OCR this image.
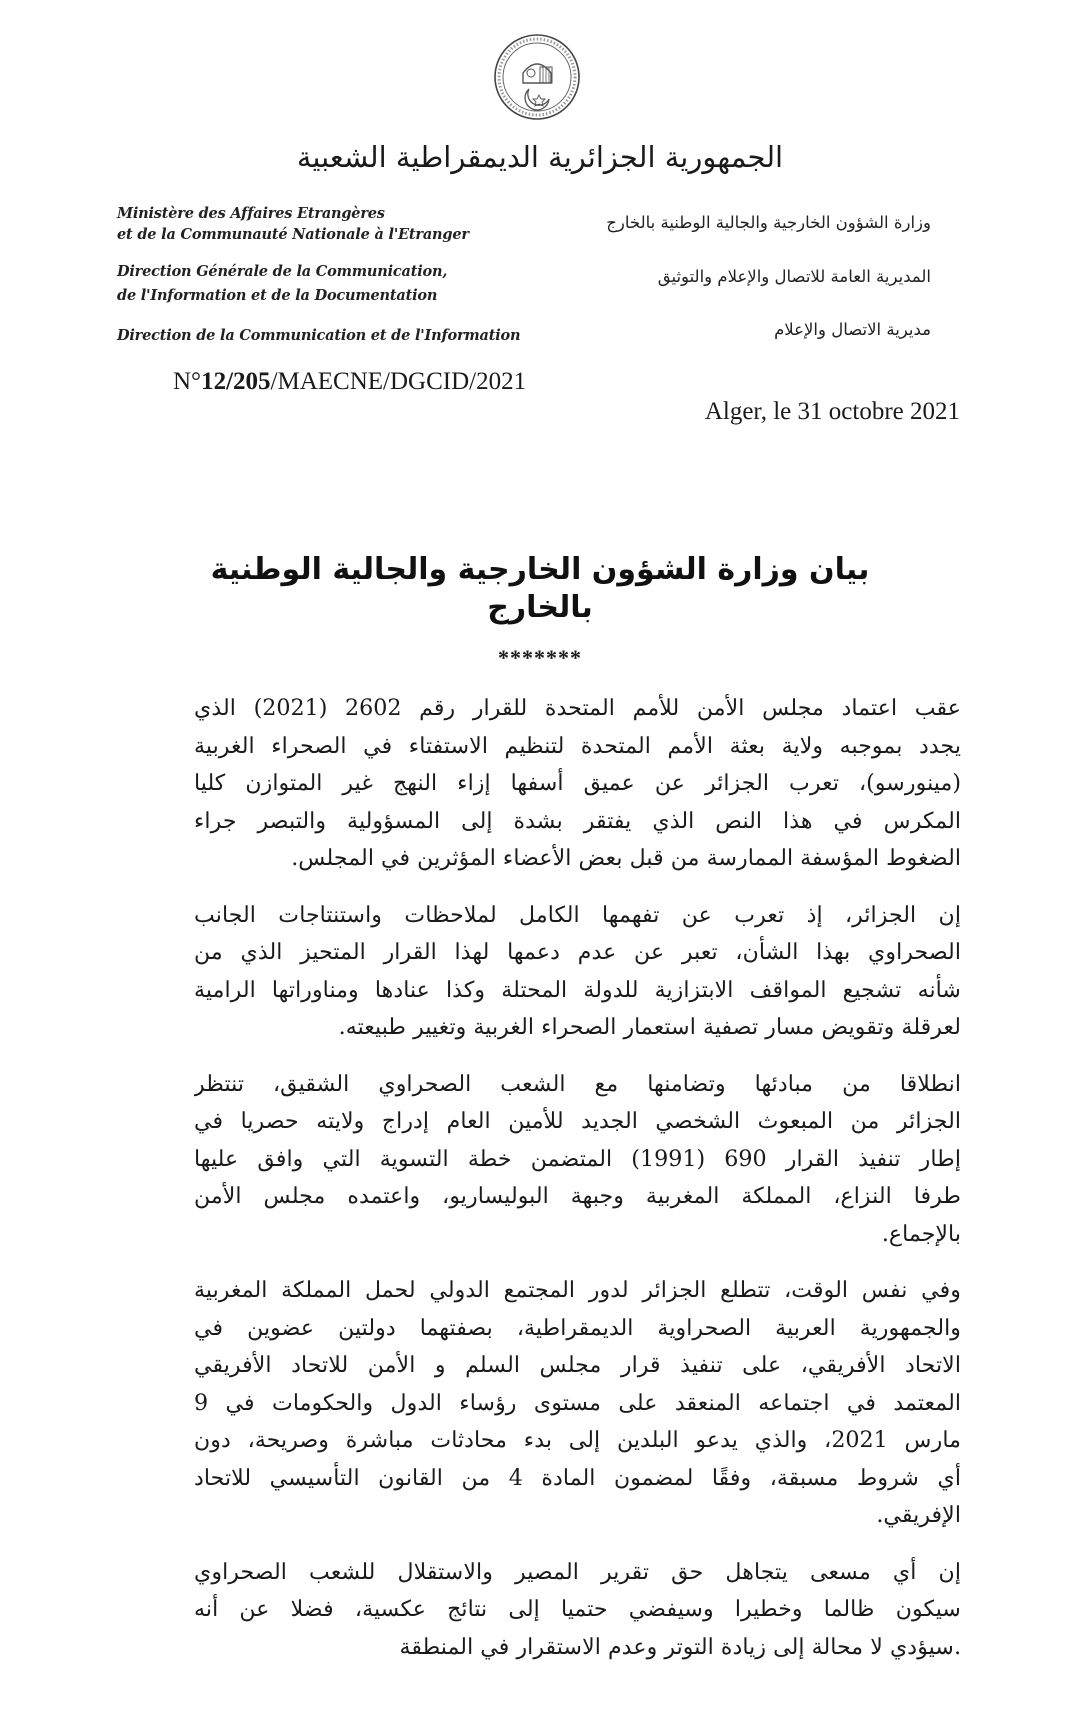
الجمهورية الجزائرية الديمقراطية الشعبية
Ministère des Affaires Etrangères
et de la Communauté Nationale à l'Etranger
Direction Générale de la Communication,
de l'Information et de la Documentation
Direction de la Communication et de l'Information
وزارة الشؤون الخارجية والجالية الوطنية بالخارج
المديرية العامة للاتصال والإعلام والتوثيق
مديرية الاتصال والإعلام
N°12/205/MAECNE/DGCID/2021
Alger, le 31 octobre 2021
بيان وزارة الشؤون الخارجية والجالية الوطنية
بالخارج
*******
عقب اعتماد مجلس الأمن للأمم المتحدة للقرار رقم 2602 (2021) الذي
يجدد بموجبه ولاية بعثة الأمم المتحدة لتنظيم الاستفتاء في الصحراء الغربية
(مينورسو)، تعرب الجزائر عن عميق أسفها إزاء النهج غير المتوازن كليا
المكرس في هذا النص الذي يفتقر بشدة إلى المسؤولية والتبصر جراء
الضغوط المؤسفة الممارسة من قبل بعض الأعضاء المؤثرين في المجلس.
إن الجزائر، إذ تعرب عن تفهمها الكامل لملاحظات واستنتاجات الجانب
الصحراوي بهذا الشأن، تعبر عن عدم دعمها لهذا القرار المتحيز الذي من
شأنه تشجيع المواقف الابتزازية للدولة المحتلة وكذا عنادها ومناوراتها الرامية
لعرقلة وتقويض مسار تصفية استعمار الصحراء الغربية وتغيير طبيعته.
انطلاقا من مبادئها وتضامنها مع الشعب الصحراوي الشقيق، تنتظر
الجزائر من المبعوث الشخصي الجديد للأمين العام إدراج ولايته حصريا في
إطار تنفيذ القرار 690 (1991) المتضمن خطة التسوية التي وافق عليها
طرفا النزاع، المملكة المغربية وجبهة البوليساريو، واعتمده مجلس الأمن
بالإجماع.
وفي نفس الوقت، تتطلع الجزائر لدور المجتمع الدولي لحمل المملكة المغربية
والجمهورية العربية الصحراوية الديمقراطية، بصفتهما دولتين عضوين في
الاتحاد الأفريقي، على تنفيذ قرار مجلس السلم و الأمن للاتحاد الأفريقي
المعتمد في اجتماعه المنعقد على مستوى رؤساء الدول والحكومات في 9
مارس 2021، والذي يدعو البلدين إلى بدء محادثات مباشرة وصريحة، دون
أي شروط مسبقة، وفقًا لمضمون المادة 4 من القانون التأسيسي للاتحاد
الإفريقي.
إن أي مسعى يتجاهل حق تقرير المصير والاستقلال للشعب الصحراوي
سيكون ظالما وخطيرا وسيفضي حتميا إلى نتائج عكسية، فضلا عن أنه
.سيؤدي لا محالة إلى زيادة التوتر وعدم الاستقرار في المنطقة
